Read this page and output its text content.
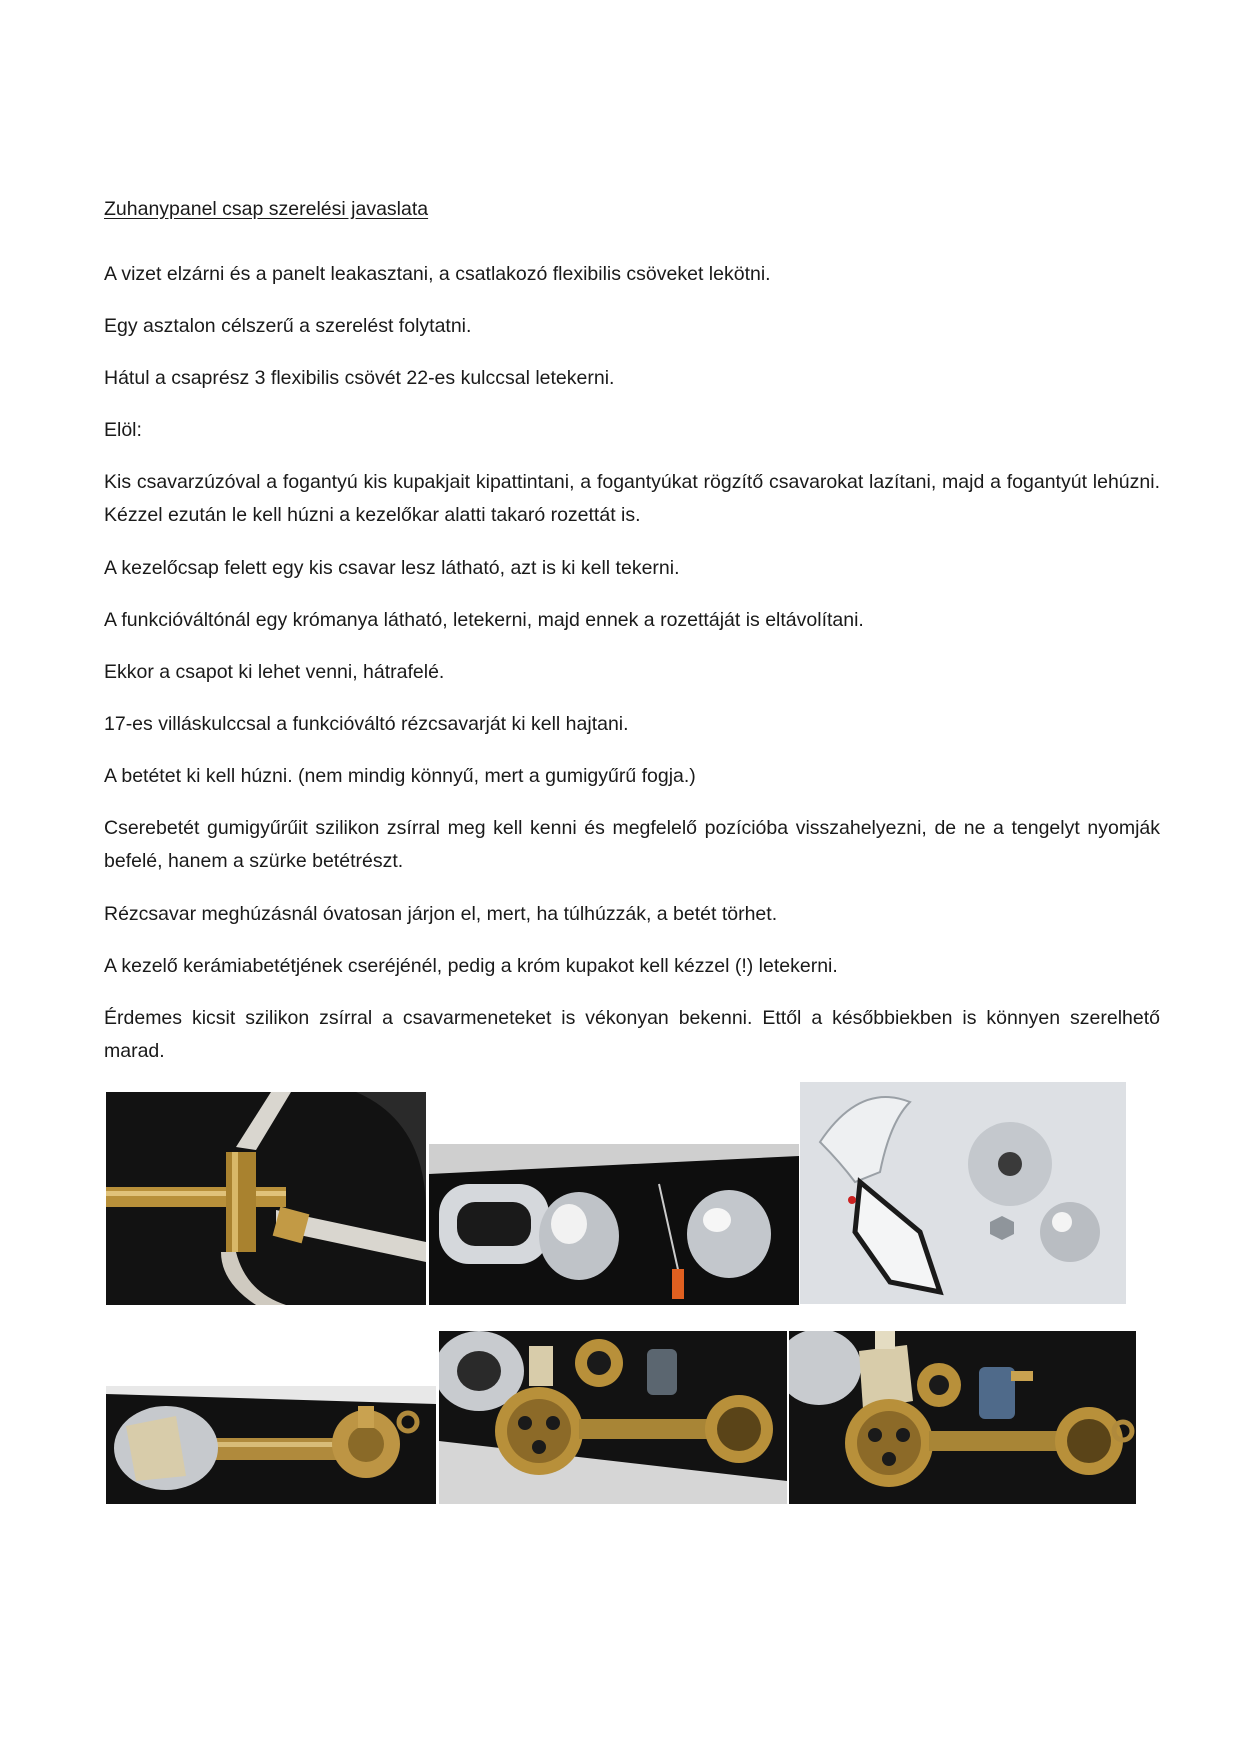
Zuhanypanel csap szerelési javaslata

A vizet elzárni és a panelt leakasztani, a csatlakozó flexibilis csöveket lekötni.

Egy asztalon célszerű a szerelést folytatni.

Hátul a csaprész 3 flexibilis csövét 22-es kulccsal letekerni.

Elöl:

Kis csavarzúzóval a fogantyú kis kupakjait kipattintani, a fogantyúkat rögzítő csavarokat lazítani, majd a fogantyút lehúzni. Kézzel ezután le kell húzni a kezelőkar alatti takaró rozettát is.

A kezelőcsap felett egy kis csavar lesz látható, azt is ki kell tekerni.

A funkcióváltónál egy krómanya látható, letekerni, majd ennek a rozettáját is eltávolítani.

Ekkor a csapot ki lehet venni, hátrafelé.

17-es villáskulccsal a funkcióváltó rézcsavarját ki kell hajtani.

A betétet ki kell húzni. (nem mindig könnyű, mert a gumigyűrű fogja.)

Cserebetét gumigyűrűit szilikon zsírral meg kell kenni és megfelelő pozícióba visszahelyezni, de ne a tengelyt nyomják befelé, hanem a szürke betétrészt.

Rézcsavar meghúzásnál óvatosan járjon el, mert, ha túlhúzzák, a betét törhet.

A kezelő kerámiabetétjének cseréjénél, pedig a króm kupakot kell kézzel (!) letekerni.

Érdemes kicsit szilikon zsírral a csavarmeneteket is vékonyan bekenni. Ettől a későbbiekben is könnyen szerelhető marad.
